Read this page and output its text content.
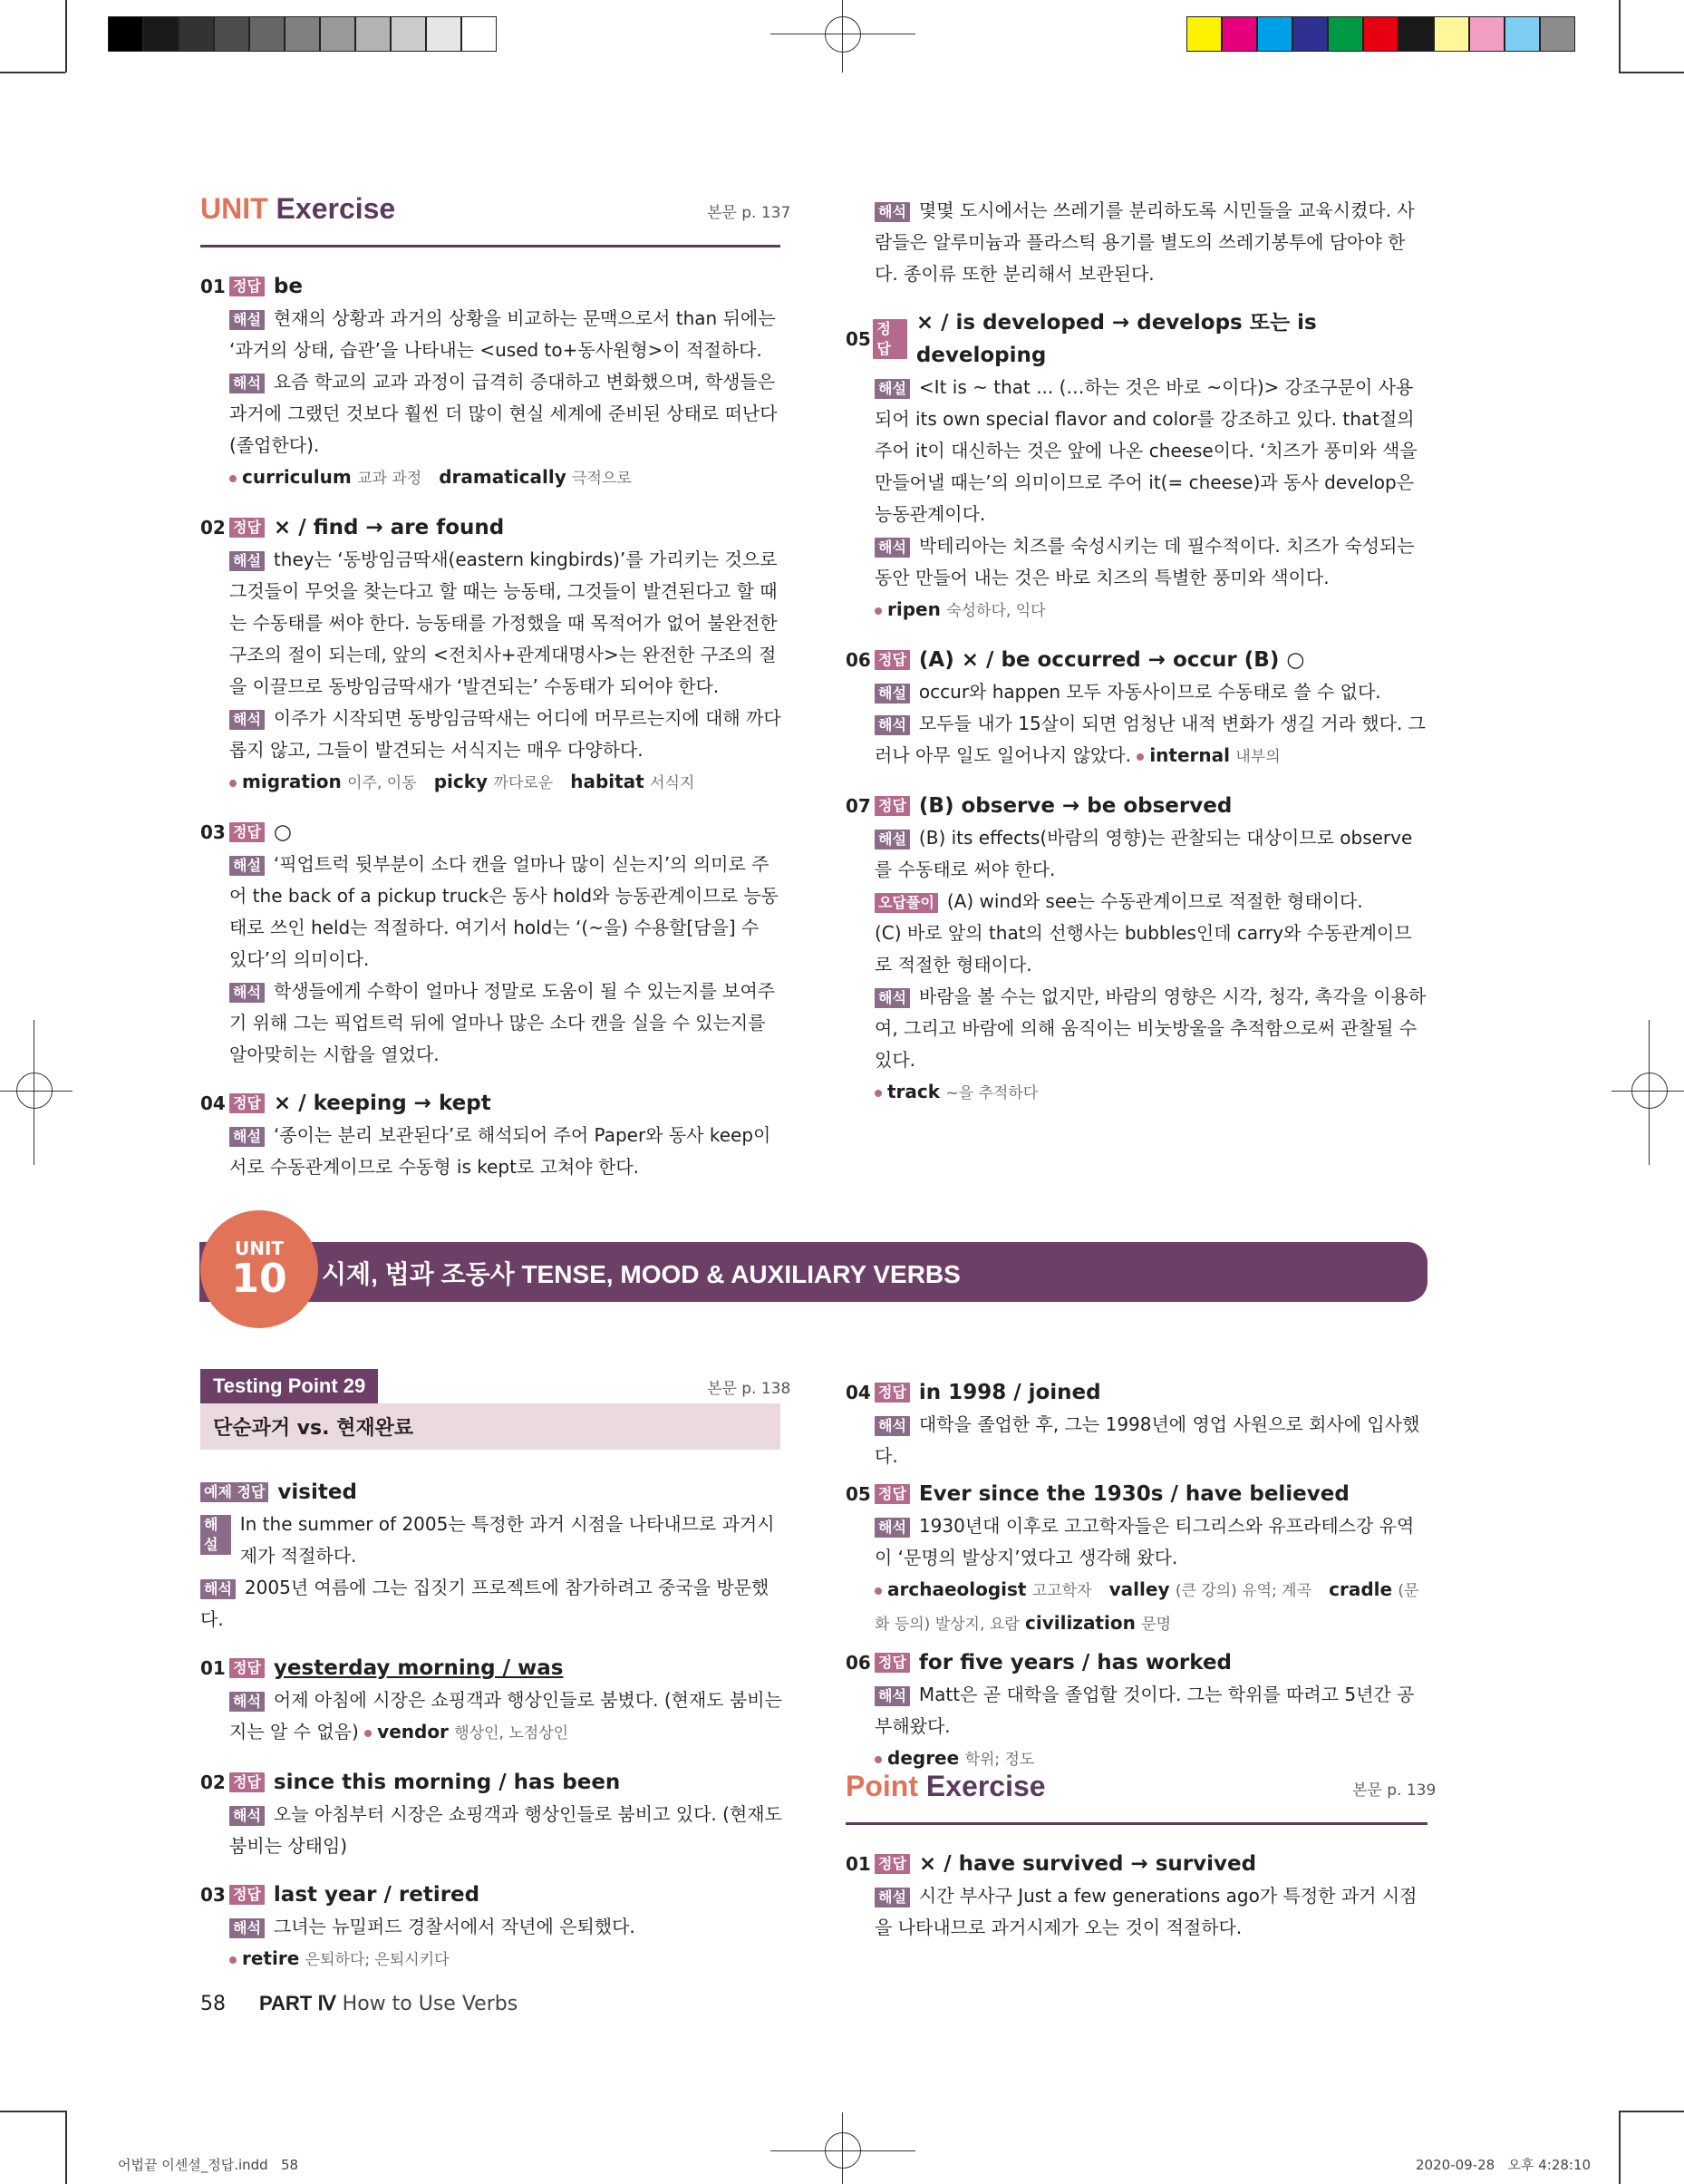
UNIT Exercise	본문 p. 137
01 정답 be

해설 현재의 상황과 과거의 상황을 비교하는 문맥으로서 than 뒤에는 ‘과거의 상태, 습관’을 나타내는 <used to+동사원형>이 적절하다.

해석 요즘 학교의 교과 과정이 급격히 증대하고 변화했으며, 학생들은 과거에 그랬던 것보다 훨씬 더 많이 현실 세계에 준비된 상태로 떠난다(졸업한다).

curriculum 교과 과정 dramatically 극적으로

02 정답 × / find → are found

해설 they는 ‘동방임금딱새(eastern kingbirds)’를 가리키는 것으로 그것들이 무엇을 찾는다고 할 때는 능동태, 그것들이 발견된다고 할 때는 수동태를 써야 한다. 능동태를 가정했을 때 목적어가 없어 불완전한 구조의 절이 되는데, 앞의 <전치사+관계대명사>는 완전한 구조의 절을 이끌므로 동방임금딱새가 ‘발견되는’ 수동태가 되어야 한다.

해석 이주가 시작되면 동방임금딱새는 어디에 머무르는지에 대해 까다롭지 않고, 그들이 발견되는 서식지는 매우 다양하다.

migration 이주, 이동 picky 까다로운 habitat 서식지

03 정답 ○

해설 ‘픽업트럭 뒷부분이 소다 캔을 얼마나 많이 싣는지’의 의미로 주어 the back of a pickup truck은 동사 hold와 능동관계이므로 능동태로 쓰인 held는 적절하다. 여기서 hold는 ‘(~을) 수용할[담을] 수 있다’의 의미이다.

해석 학생들에게 수학이 얼마나 정말로 도움이 될 수 있는지를 보여주기 위해 그는 픽업트럭 뒤에 얼마나 많은 소다 캔을 실을 수 있는지를 알아맞히는 시합을 열었다.

04 정답 × / keeping → kept

해설 ‘종이는 분리 보관된다’로 해석되어 주어 Paper와 동사 keep이 서로 수동관계이므로 수동형 is kept로 고쳐야 한다.

해석 몇몇 도시에서는 쓰레기를 분리하도록 시민들을 교육시켰다. 사람들은 알루미늄과 플라스틱 용기를 별도의 쓰레기봉투에 담아야 한다. 종이류 또한 분리해서 보관된다.

05 정답
× / is developed → develops 또는 is developing

해설 <It is ~ that ... (…하는 것은 바로 ~이다)> 강조구문이 사용되어 its own special flavor and color를 강조하고 있다. that절의 주어 it이 대신하는 것은 앞에 나온 cheese이다. ‘치즈가 풍미와 색을 만들어낼 때는’의 의미이므로 주어 it(= cheese)과 동사 develop은 능동관계이다.

해석 박테리아는 치즈를 숙성시키는 데 필수적이다. 치즈가 숙성되는 동안 만들어 내는 것은 바로 치즈의 특별한 풍미와 색이다.

ripen 숙성하다, 익다

06 정답 (A) × / be occurred → occur (B) ○

해설 occur와 happen 모두 자동사이므로 수동태로 쓸 수 없다.

해석 모두들 내가 15살이 되면 엄청난 내적 변화가 생길 거라 했다. 그러나 아무 일도 일어나지 않았다. internal 내부의

07 정답 (B) observe → be observed

해설 (B) its effects(바람의 영향)는 관찰되는 대상이므로 observe를 수동태로 써야 한다.

오답풀이 (A) wind와 see는 수동관계이므로 적절한 형태이다.

(C) 바로 앞의 that의 선행사는 bubbles인데 carry와 수동관계이므로 적절한 형태이다.

해석 바람을 볼 수는 없지만, 바람의 영향은 시각, 청각, 촉각을 이용하여, 그리고 바람에 의해 움직이는 비눗방울을 추적함으로써 관찰될 수 있다.

track ~을 추적하다

시제, 법과 조동사 TENSE, MOOD & AUXILIARY VERBS
UNIT
10
Testing Point 29
단순과거 vs. 현재완료
본문 p. 138
예제 정답 visited

해설
In the summer of 2005는 특정한 과거 시점을 나타내므로 과거시제가 적절하다.

해석 2005년 여름에 그는 집짓기 프로젝트에 참가하려고 중국을 방문했다.

01 정답 yesterday morning / was

해석 어제 아침에 시장은 쇼핑객과 행상인들로 붐볐다. (현재도 붐비는지는 알 수 없음) vendor 행상인, 노점상인

02 정답 since this morning / has been

해석 오늘 아침부터 시장은 쇼핑객과 행상인들로 붐비고 있다. (현재도 붐비는 상태임)

03 정답 last year / retired

해석 그녀는 뉴밀퍼드 경찰서에서 작년에 은퇴했다.

retire 은퇴하다; 은퇴시키다

04 정답 in 1998 / joined

해석 대학을 졸업한 후, 그는 1998년에 영업 사원으로 회사에 입사했다.

05 정답 Ever since the 1930s / have believed

해석 1930년대 이후로 고고학자들은 티그리스와 유프라테스강 유역이 ‘문명의 발상지’였다고 생각해 왔다.

archaeologist 고고학자 valley (큰 강의) 유역; 계곡 cradle (문화 등의) 발상지, 요람 civilization 문명

06 정답 for five years / has worked

해석 Matt은 곧 대학을 졸업할 것이다. 그는 학위를 따려고 5년간 공부해왔다.

degree 학위; 정도

Point Exercise	본문 p. 139
01 정답 × / have survived → survived

해설 시간 부사구 Just a few generations ago가 특정한 과거 시점을 나타내므로 과거시제가 오는 것이 적절하다.

58 PART Ⅳ How to Use Verbs
어법끝 이센셜_정답.indd   58	2020-09-28   오후 4:28:10
